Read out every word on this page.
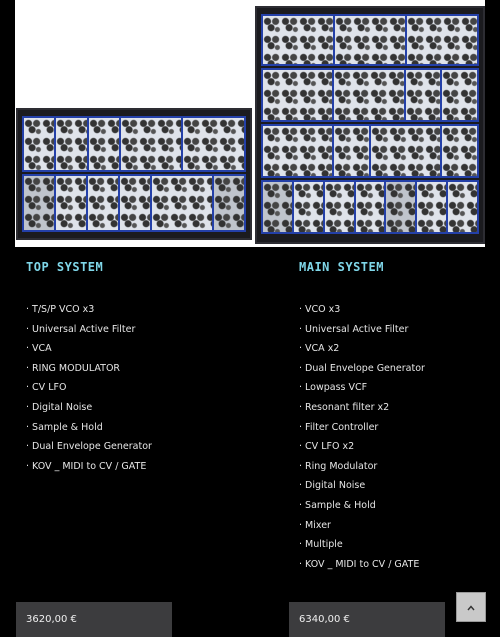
TOP SYSTEM
· T/S/P VCO x3
· Universal Active Filter
· VCA
· RING MODULATOR
· CV LFO
· Digital Noise
· Sample & Hold
· Dual Envelope Generator
· KOV _ MIDI to CV / GATE
MAIN SYSTEM
· VCO x3
· Universal Active Filter
· VCA x2
· Dual Envelope Generator
· Lowpass VCF
· Resonant filter x2
· Filter Controller
· CV LFO x2
· Ring Modulator
· Digital Noise
· Sample & Hold
· Mixer
· Multiple
· KOV _ MIDI to CV / GATE
3620,00 €	6340,00 €
